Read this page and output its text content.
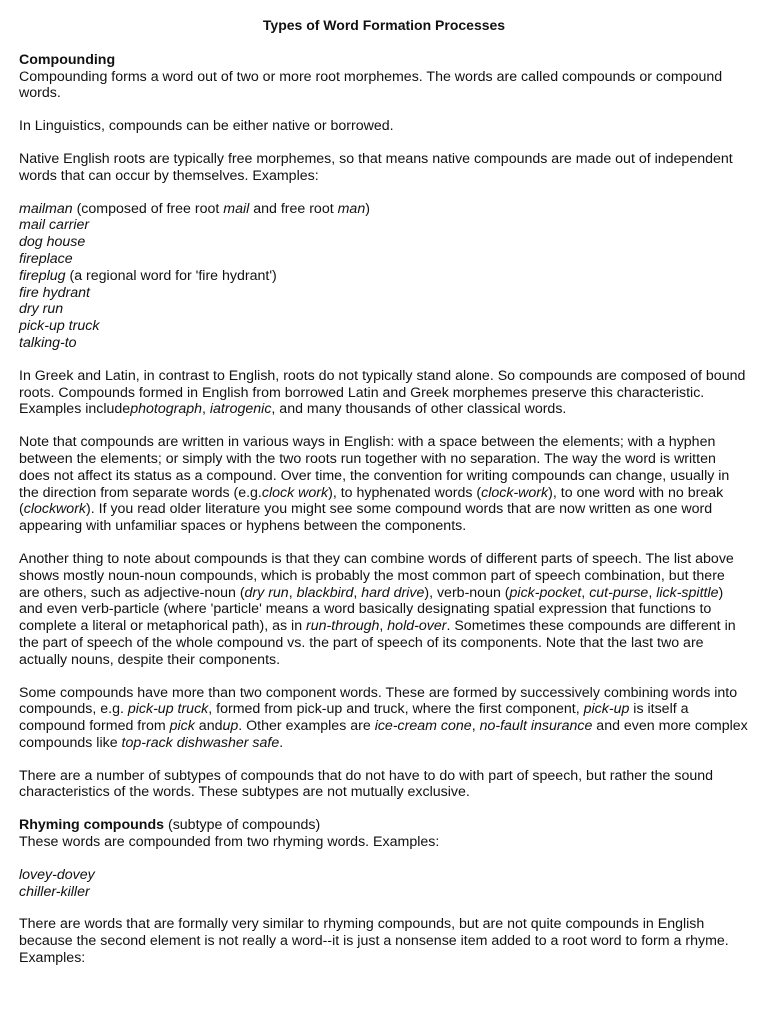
Types of Word Formation Processes
Compounding

Compounding forms a word out of two or more root morphemes. The words are called compounds or compound words.

In Linguistics, compounds can be either native or borrowed.

Native English roots are typically free morphemes, so that means native compounds are made out of independent words that can occur by themselves. Examples:

mailman (composed of free root mail and free root man)
mail carrier
dog house
fireplace
fireplug (a regional word for 'fire hydrant')
fire hydrant
dry run
pick-up truck
talking-to

In Greek and Latin, in contrast to English, roots do not typically stand alone. So compounds are composed of bound roots. Compounds formed in English from borrowed Latin and Greek morphemes preserve this characteristic. Examples includephotograph, iatrogenic, and many thousands of other classical words.

Note that compounds are written in various ways in English: with a space between the elements; with a hyphen between the elements; or simply with the two roots run together with no separation. The way the word is written does not affect its status as a compound. Over time, the convention for writing compounds can change, usually in the direction from separate words (e.g.clock work), to hyphenated words (clock-work), to one word with no break (clockwork). If you read older literature you might see some compound words that are now written as one word appearing with unfamiliar spaces or hyphens between the components.

Another thing to note about compounds is that they can combine words of different parts of speech. The list above shows mostly noun-noun compounds, which is probably the most common part of speech combination, but there are others, such as adjective-noun (dry run, blackbird, hard drive), verb-noun (pick-pocket, cut-purse, lick-spittle) and even verb-particle (where 'particle' means a word basically designating spatial expression that functions to complete a literal or metaphorical path), as in run-through, hold-over. Sometimes these compounds are different in the part of speech of the whole compound vs. the part of speech of its components. Note that the last two are actually nouns, despite their components.

Some compounds have more than two component words. These are formed by successively combining words into compounds, e.g. pick-up truck, formed from pick-up and truck, where the first component, pick-up is itself a compound formed from pick andup. Other examples are ice-cream cone, no-fault insurance and even more complex compounds like top-rack dishwasher safe.

There are a number of subtypes of compounds that do not have to do with part of speech, but rather the sound characteristics of the words. These subtypes are not mutually exclusive.

Rhyming compounds (subtype of compounds)

These words are compounded from two rhyming words. Examples:

lovey-dovey
chiller-killer

There are words that are formally very similar to rhyming compounds, but are not quite compounds in English because the second element is not really a word--it is just a nonsense item added to a root word to form a rhyme. Examples:
